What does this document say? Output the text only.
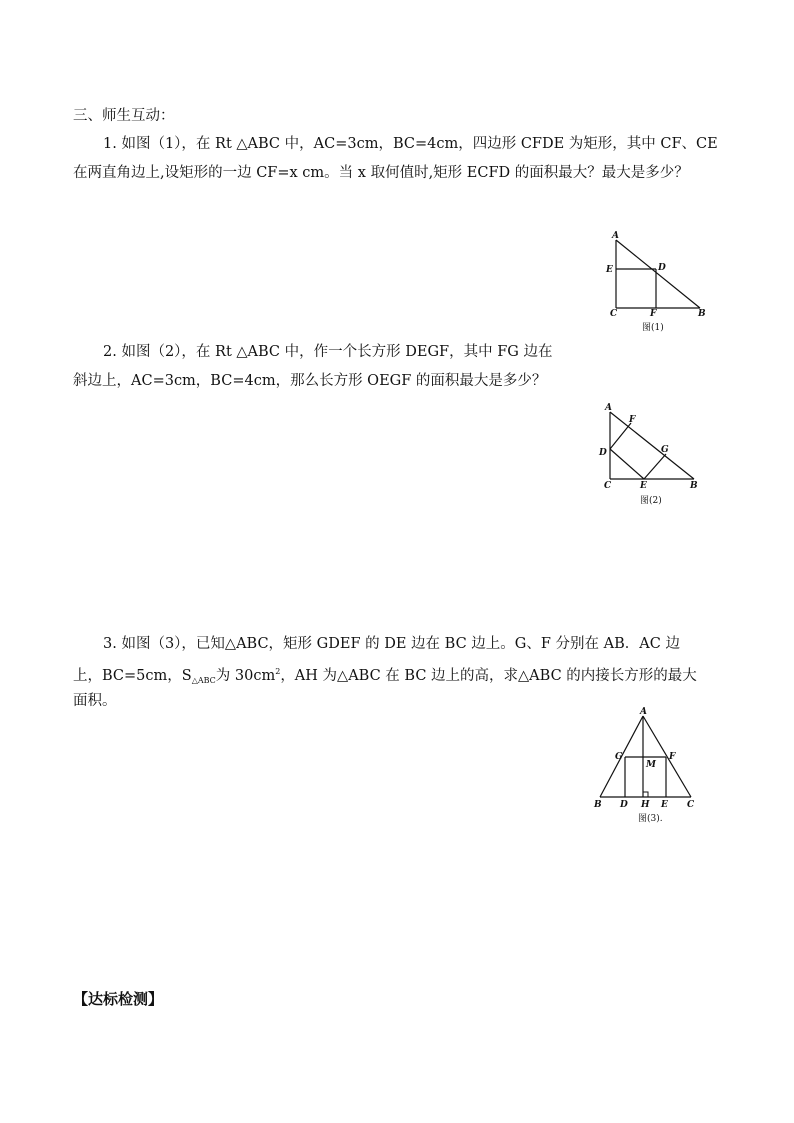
三、师生互动：
1. 如图（1），在 Rt △ABC 中，AC=3cm，BC=4cm，四边形 CFDE 为矩形，其中 CF、CE
在两直角边上,设矩形的一边 CF=x cm。当 x 取何值时,矩形 ECFD 的面积最大？最大是多少？
A
E	D
C	F	B
图(1)
2. 如图（2），在 Rt △ABC 中，作一个长方形 DEGF，其中 FG 边在
斜边上，AC=3cm，BC=4cm，那么长方形 OEGF 的面积最大是多少？
A
F
G
D
C	E	B
图(2)
3. 如图（3），已知△ABC，矩形 GDEF 的 DE 边在 BC 边上。G、F 分别在 AB．AC 边
上，BC=5cm，$S_{\triangle ABC}$为 $30cm^2$，AH 为△ABC 在 BC 边上的高，求△ABC 的内接长方形的最大
面积。
A
G	F
M
B D H E C
图(3).
【达标检测】
